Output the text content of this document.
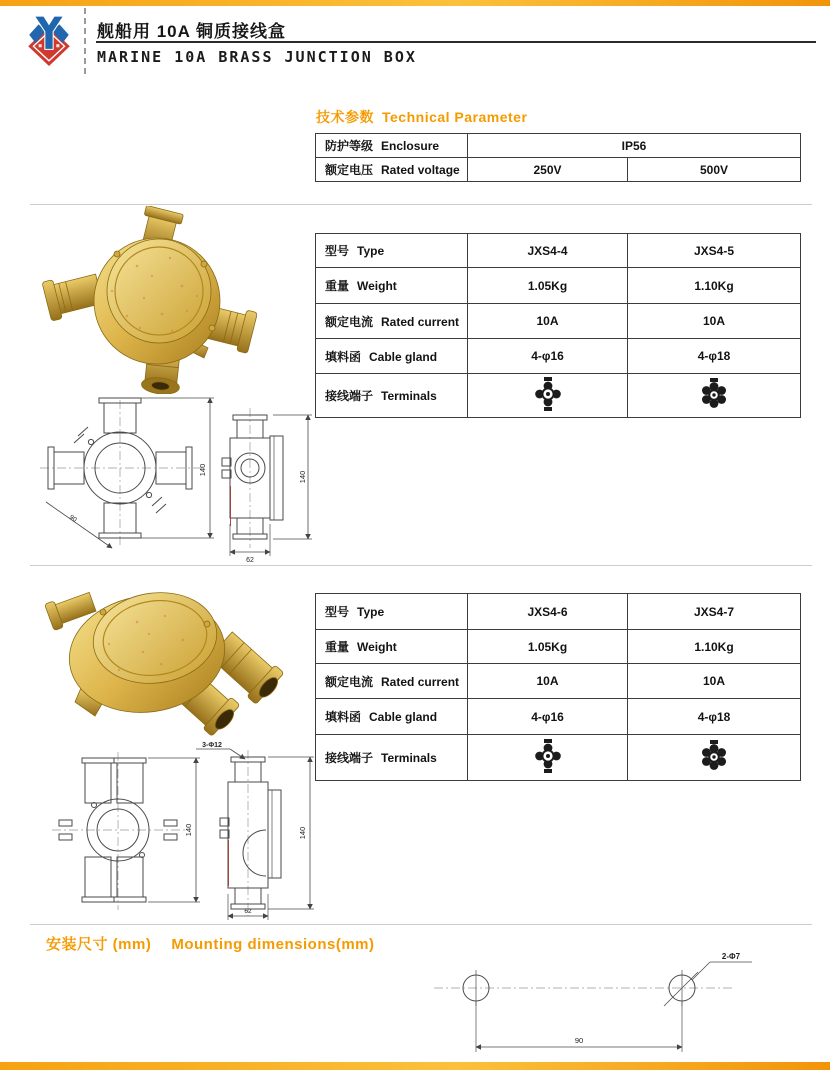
舰船用 10A 铜质接线盒
MARINE 10A BRASS JUNCTION BOX
技术参数 Technical Parameter
防护等级 Enclosure	IP56	
额定电压 Rated voltage	250V	500V
型号 Type	JXS4-4	JXS4-5
重量 Weight	1.05Kg	1.10Kg
额定电流 Rated current	10A	10A
填料函 Cable gland	4-φ16	4-φ18
接线端子 Terminals		
140
90
140
62
型号 Type	JXS4-6	JXS4-7
重量 Weight	1.05Kg	1.10Kg
额定电流 Rated current	10A	10A
填料函 Cable gland	4-φ16	4-φ18
接线端子 Terminals		
3-Φ12
140	140
62
安装尺寸 (mm) Mounting dimensions(mm)
2-Φ7
90
